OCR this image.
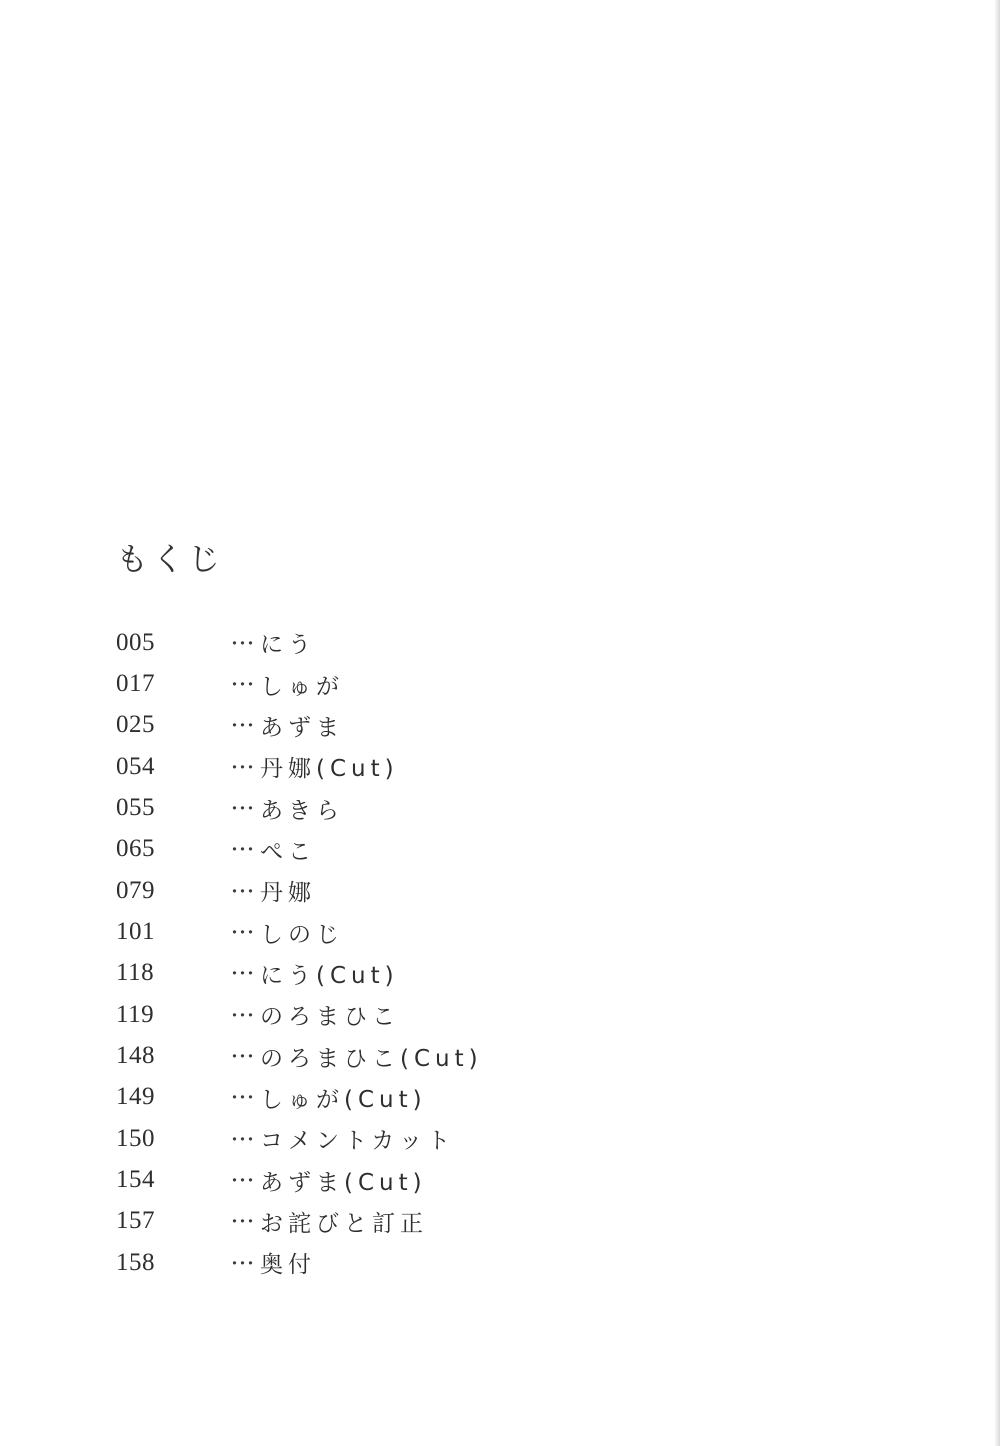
もくじ
005	･･･ にう
017	･･･ しゅが
025	･･･ あずま
054	･･･ 丹娜(Cut)
055	･･･ あきら
065	･･･ ぺこ
079	･･･ 丹娜
101	･･･ しのじ
118	･･･ にう(Cut)
119	･･･ のろまひこ
148	･･･ のろまひこ(Cut)
149	･･･ しゅが(Cut)
150	･･･ コメントカット
154	･･･ あずま(Cut)
157	･･･ お詫びと訂正
158	･･･ 奥付
